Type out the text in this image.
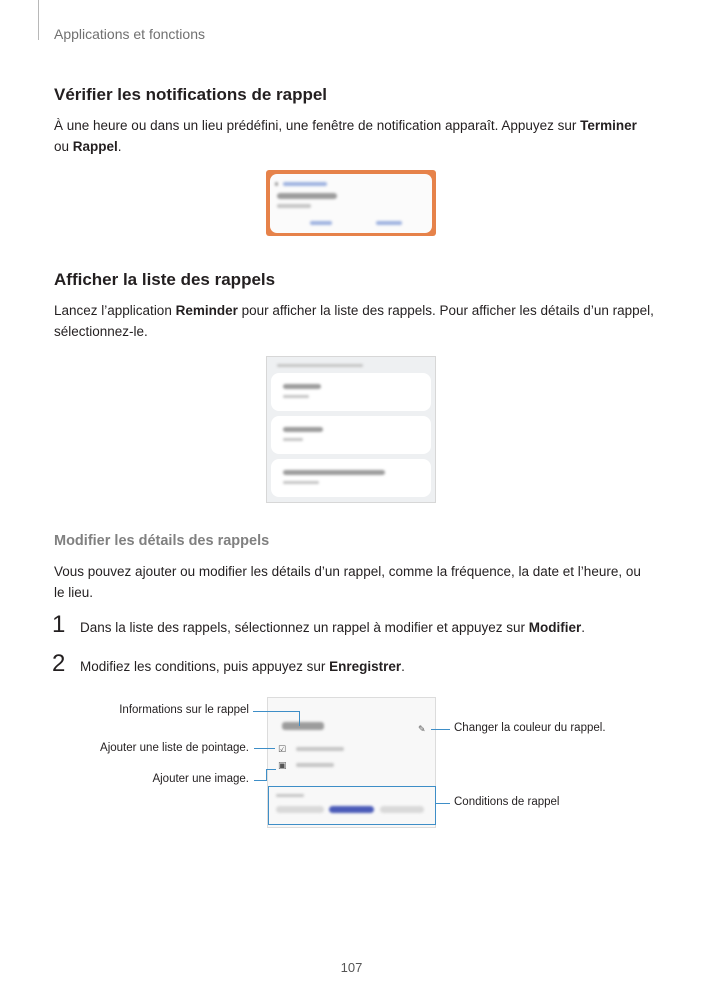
Applications et fonctions
Vérifier les notifications de rappel
À une heure ou dans un lieu prédéfini, une fenêtre de notification apparaît. Appuyez sur Terminer ou Rappel.
Afficher la liste des rappels
Lancez l’application Reminder pour afficher la liste des rappels. Pour afficher les détails d’un rappel, sélectionnez-le.
Modifier les détails des rappels
Vous pouvez ajouter ou modifier les détails d’un rappel, comme la fréquence, la date et l’heure, ou le lieu.
1 Dans la liste des rappels, sélectionnez un rappel à modifier et appuyez sur Modifier.
2 Modifiez les conditions, puis appuyez sur Enregistrer.
✎
☑
▣
Informations sur le rappel
Ajouter une liste de pointage.
Ajouter une image.
Changer la couleur du rappel.
Conditions de rappel
107
